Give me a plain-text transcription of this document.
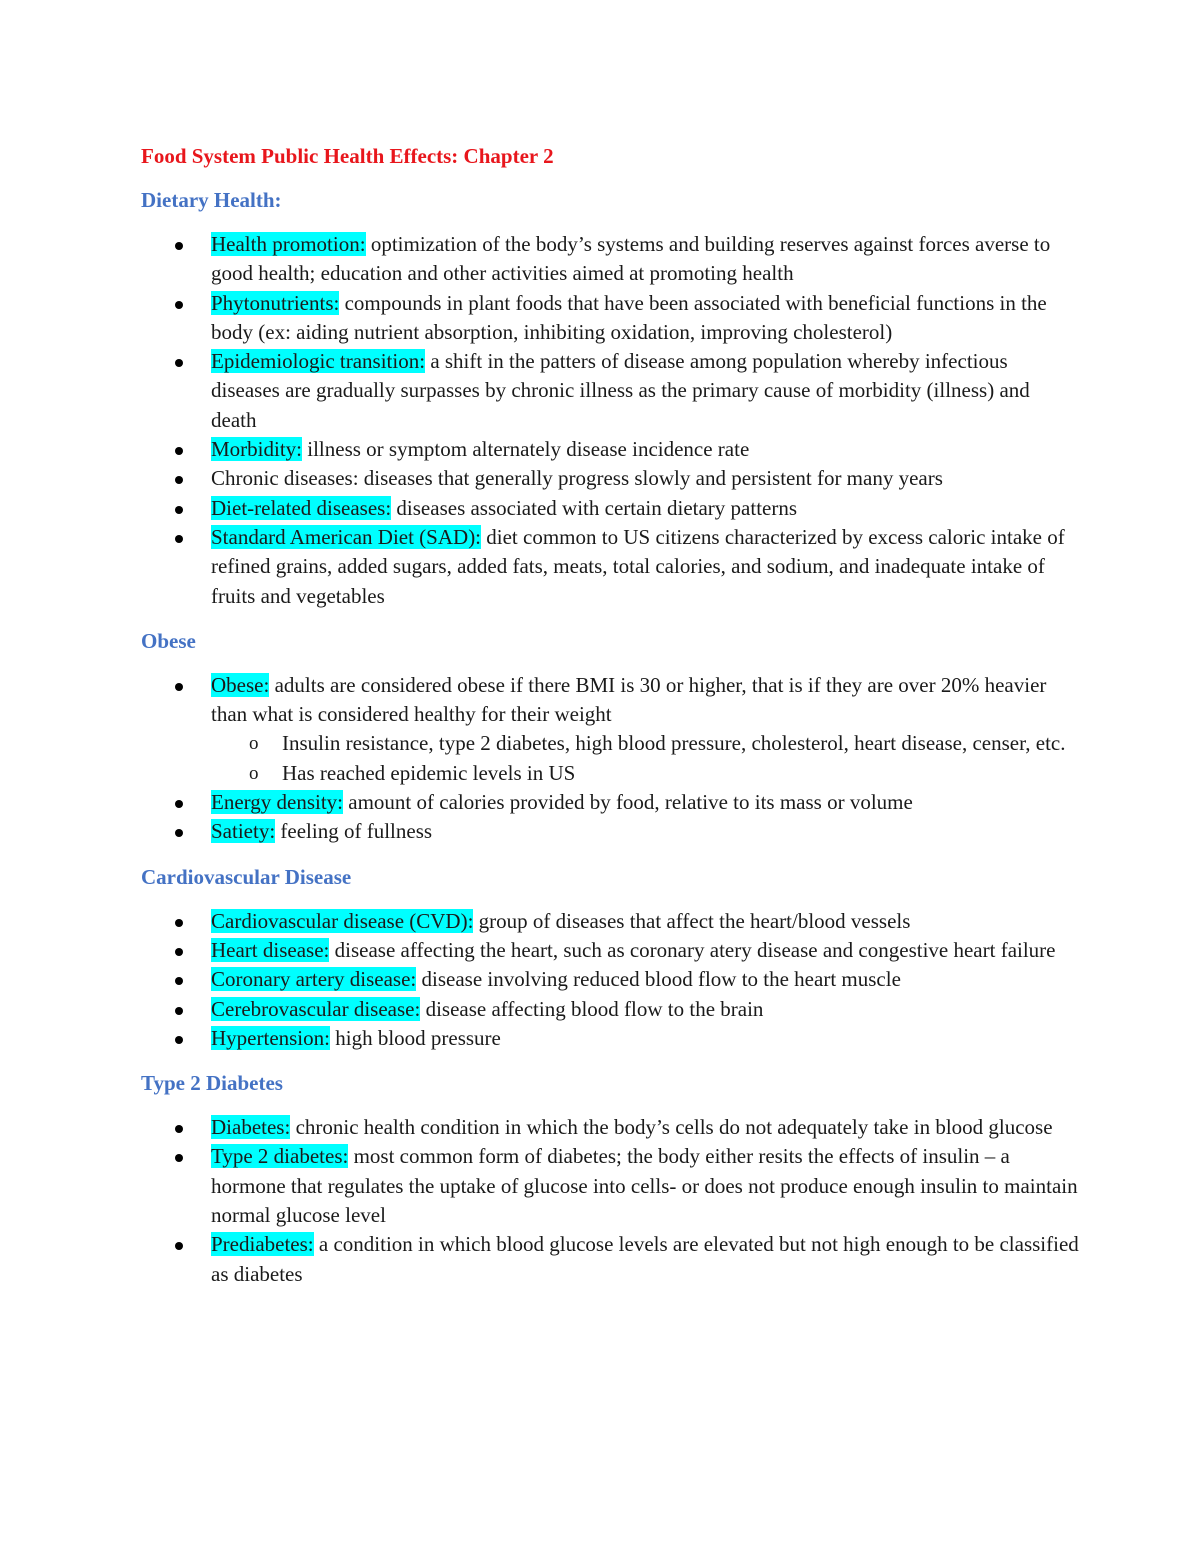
Food System Public Health Effects: Chapter 2
Dietary Health:
Health promotion: optimization of the body’s systems and building reserves against forces averse to good health; education and other activities aimed at promoting health
Phytonutrients: compounds in plant foods that have been associated with beneficial functions in the body (ex: aiding nutrient absorption, inhibiting oxidation, improving cholesterol)
Epidemiologic transition: a shift in the patters of disease among population whereby infectious diseases are gradually surpasses by chronic illness as the primary cause of morbidity (illness) and death
Morbidity: illness or symptom alternately disease incidence rate
Chronic diseases: diseases that generally progress slowly and persistent for many years
Diet-related diseases: diseases associated with certain dietary patterns
Standard American Diet (SAD): diet common to US citizens characterized by excess caloric intake of refined grains, added sugars, added fats, meats, total calories, and sodium, and inadequate intake of fruits and vegetables
Obese
Obese: adults are considered obese if there BMI is 30 or higher, that is if they are over 20% heavier than what is considered healthy for their weight
o Insulin resistance, type 2 diabetes, high blood pressure, cholesterol, heart disease, censer, etc.
o Has reached epidemic levels in US
Energy density: amount of calories provided by food, relative to its mass or volume
Satiety: feeling of fullness
Cardiovascular Disease
Cardiovascular disease (CVD): group of diseases that affect the heart/blood vessels
Heart disease: disease affecting the heart, such as coronary atery disease and congestive heart failure
Coronary artery disease: disease involving reduced blood flow to the heart muscle
Cerebrovascular disease: disease affecting blood flow to the brain
Hypertension: high blood pressure
Type 2 Diabetes
Diabetes: chronic health condition in which the body’s cells do not adequately take in blood glucose
Type 2 diabetes: most common form of diabetes; the body either resits the effects of insulin – a hormone that regulates the uptake of glucose into cells- or does not produce enough insulin to maintain normal glucose level
Prediabetes: a condition in which blood glucose levels are elevated but not high enough to be classified as diabetes
